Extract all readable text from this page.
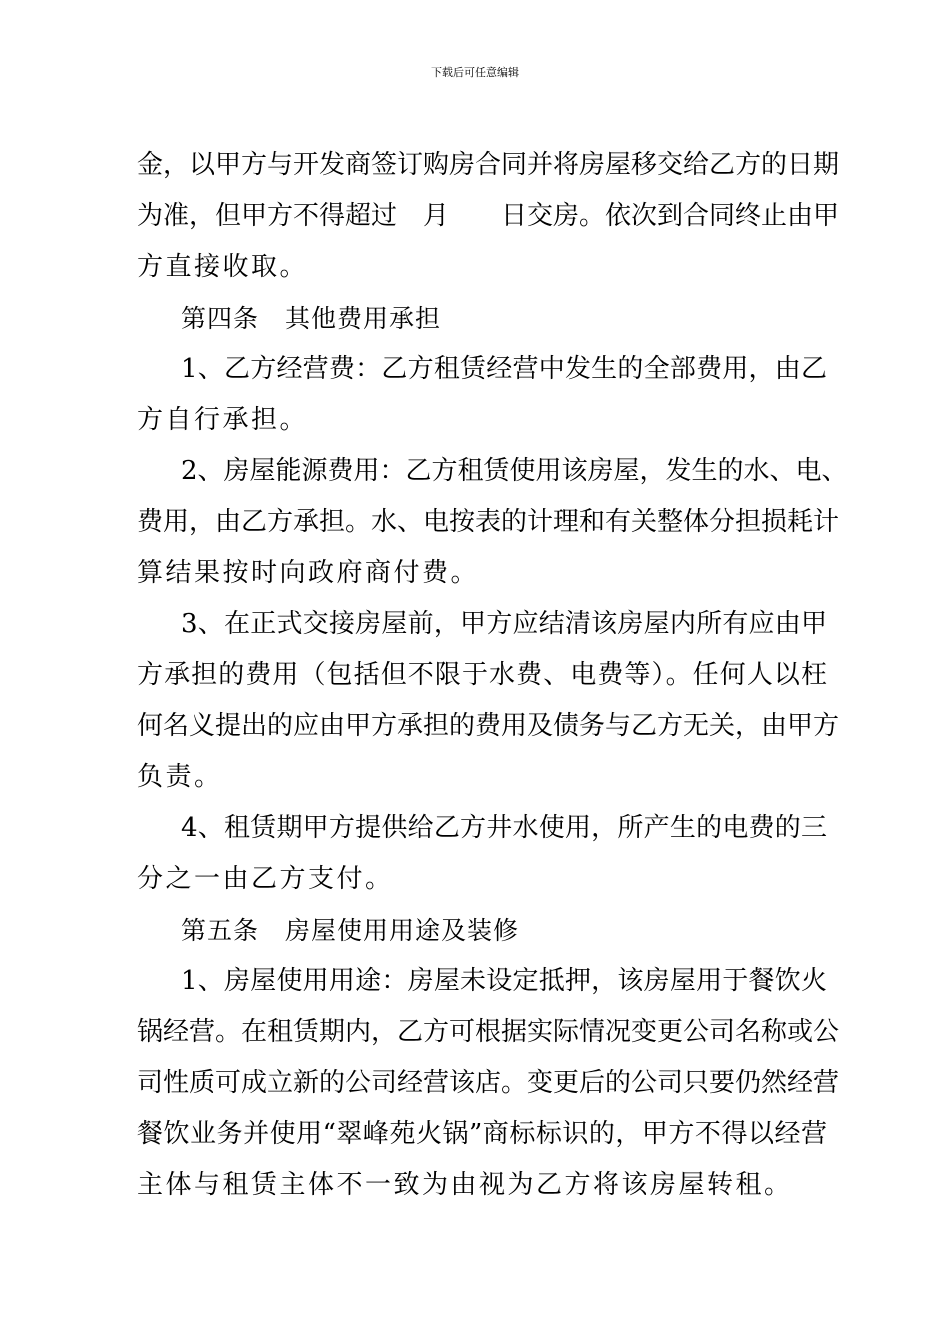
下载后可任意编辑
金，以甲方与开发商签订购房合同并将房屋移交给乙方的日期
为准，但甲方不得超过　月　　日交房。依次到合同终止由甲
方直接收取。
第四条　其他费用承担
1、乙方经营费：乙方租赁经营中发生的全部费用，由乙
方自行承担。
2、房屋能源费用：乙方租赁使用该房屋，发生的水、电、
费用，由乙方承担。水、电按表的计理和有关整体分担损耗计
算结果按时向政府商付费。
3、在正式交接房屋前，甲方应结清该房屋内所有应由甲
方承担的费用（包括但不限于水费、电费等）。任何人以枉
何名义提出的应由甲方承担的费用及债务与乙方无关，由甲方
负责。
4、租赁期甲方提供给乙方井水使用，所产生的电费的三
分之一由乙方支付。
第五条　房屋使用用途及装修
1、房屋使用用途：房屋未设定抵押，该房屋用于餐饮火
锅经营。在租赁期内，乙方可根据实际情况变更公司名称或公
司性质可成立新的公司经营该店。变更后的公司只要仍然经营
餐饮业务并使用“翠峰苑火锅”商标标识的，甲方不得以经营
主体与租赁主体不一致为由视为乙方将该房屋转租。
